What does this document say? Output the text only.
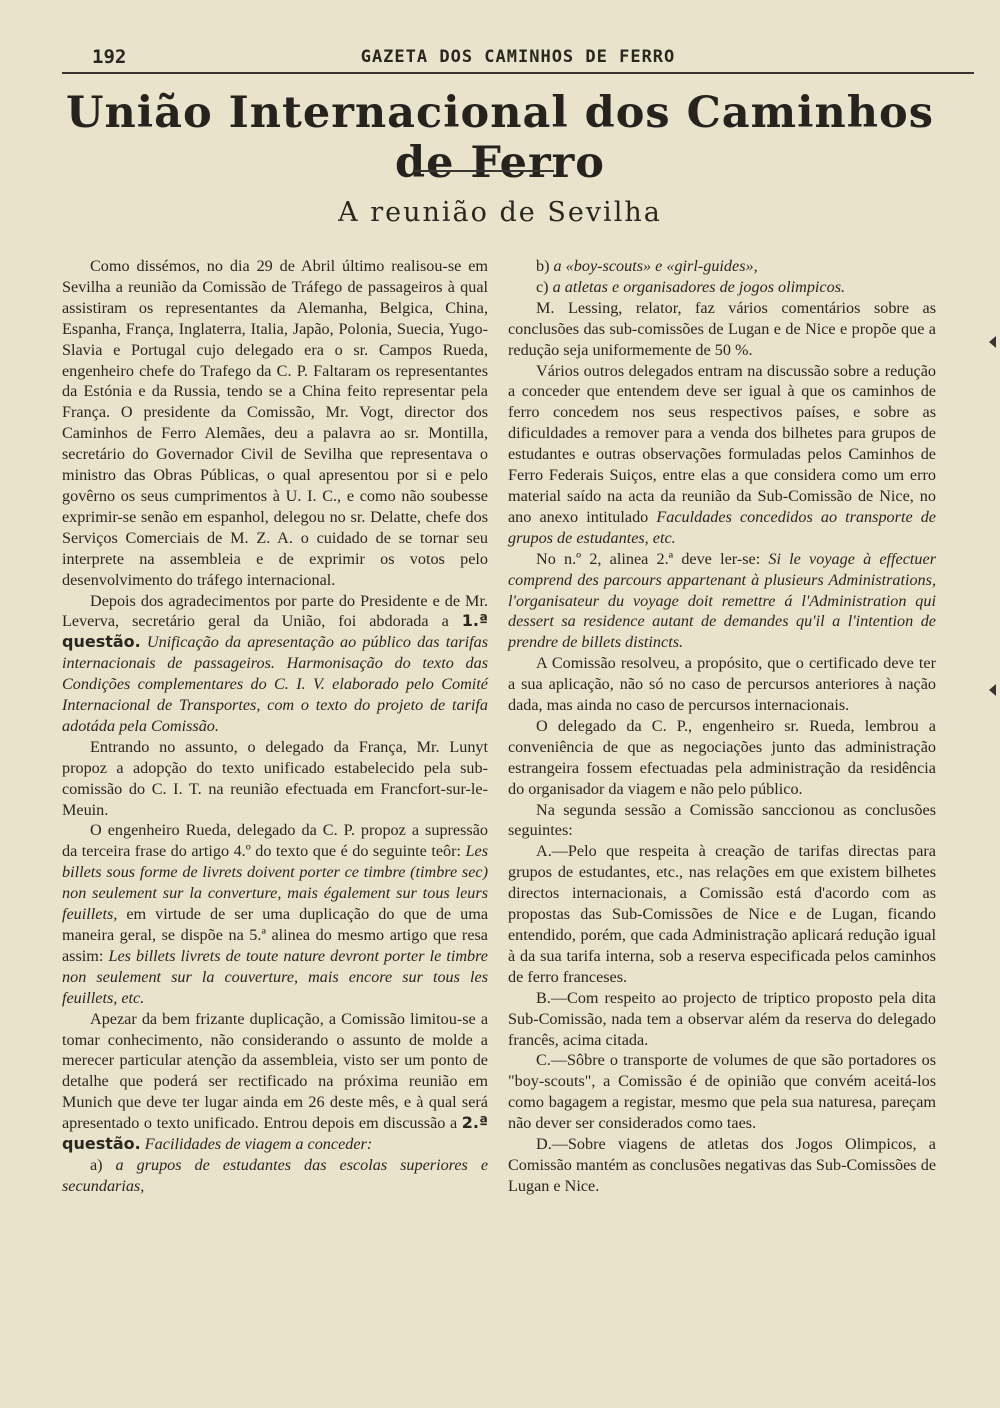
192	GAZETA DOS CAMINHOS DE FERRO
União Internacional dos Caminhos de Ferro
A reunião de Sevilha

Como dissémos, no dia 29 de Abril último realisou-se em Sevilha a reunião da Comissão de Tráfego de passageiros à qual assistiram os representantes da Alemanha, Belgica, China, Espanha, França, Inglaterra, Italia, Japão, Polonia, Suecia, Yugo-Slavia e Portugal cujo delegado era o sr. Campos Rueda, engenheiro chefe do Trafego da C. P. Faltaram os representantes da Estónia e da Russia, tendo se a China feito representar pela França. O presidente da Comissão, Mr. Vogt, director dos Caminhos de Ferro Alemães, deu a palavra ao sr. Montilla, secretário do Governador Civil de Sevilha que representava o ministro das Obras Públicas, o qual apresentou por si e pelo govêrno os seus cumprimentos à U. I. C., e como não soubesse exprimir-se senão em espanhol, delegou no sr. Delatte, chefe dos Serviços Comerciais de M. Z. A. o cuidado de se tornar seu interprete na assembleia e de exprimir os votos pelo desenvolvimento do tráfego internacional.

Depois dos agradecimentos por parte do Presidente e de Mr. Leverva, secretário geral da União, foi abdorada a 1.ª questão. Unificação da apresentação ao público das tarifas internacionais de passageiros. Harmonisação do texto das Condições complementares do C. I. V. elaborado pelo Comité Internacional de Transportes, com o texto do projeto de tarifa adotáda pela Comissão.

Entrando no assunto, o delegado da França, Mr. Lunyt propoz a adopção do texto unificado estabelecido pela sub-comissão do C. I. T. na reunião efectuada em Francfort-sur-le-Meuin.

O engenheiro Rueda, delegado da C. P. propoz a supressão da terceira frase do artigo 4.º do texto que é do seguinte teôr: Les billets sous forme de livrets doivent porter ce timbre (timbre sec) non seulement sur la converture, mais également sur tous leurs feuillets, em virtude de ser uma duplicação do que de uma maneira geral, se dispõe na 5.ª alinea do mesmo artigo que resa assim: Les billets livrets de toute nature devront porter le timbre non seulement sur la couverture, mais encore sur tous les feuillets, etc.

Apezar da bem frizante duplicação, a Comissão limitou-se a tomar conhecimento, não considerando o assunto de molde a merecer particular atenção da assembleia, visto ser um ponto de detalhe que poderá ser rectificado na próxima reunião em Munich que deve ter lugar ainda em 26 deste mês, e à qual será apresentado o texto unificado. Entrou depois em discussão a 2.ª questão. Facilidades de viagem a conceder:

a) a grupos de estudantes das escolas superiores e secundarias,

b) a «boy-scouts» e «girl-guides»,

c) a atletas e organisadores de jogos olimpicos.

M. Lessing, relator, faz vários comentários sobre as conclusões das sub-comissões de Lugan e de Nice e propõe que a redução seja uniformemente de 50 %.

Vários outros delegados entram na discussão sobre a redução a conceder que entendem deve ser igual à que os caminhos de ferro concedem nos seus respectivos países, e sobre as dificuldades a remover para a venda dos bilhetes para grupos de estudantes e outras observações formuladas pelos Caminhos de Ferro Federais Suiços, entre elas a que considera como um erro material saído na acta da reunião da Sub-Comissão de Nice, no ano anexo intitulado Faculdades concedidos ao transporte de grupos de estudantes, etc.

No n.º 2, alinea 2.ª deve ler-se: Si le voyage à effectuer comprend des parcours appartenant à plusieurs Administrations, l'organisateur du voyage doit remettre á l'Administration qui dessert sa residence autant de demandes qu'il a l'intention de prendre de billets distincts.

A Comissão resolveu, a propósito, que o certificado deve ter a sua aplicação, não só no caso de percursos anteriores à nação dada, mas ainda no caso de percursos internacionais.

O delegado da C. P., engenheiro sr. Rueda, lembrou a conveniência de que as negociações junto das administração estrangeira fossem efectuadas pela administração da residência do organisador da viagem e não pelo público.

Na segunda sessão a Comissão sanccionou as conclusões seguintes:

A.—Pelo que respeita à creação de tarifas directas para grupos de estudantes, etc., nas relações em que existem bilhetes directos internacionais, a Comissão está d'acordo com as propostas das Sub-Comissões de Nice e de Lugan, ficando entendido, porém, que cada Administração aplicará redução igual à da sua tarifa interna, sob a reserva especificada pelos caminhos de ferro franceses.

B.—Com respeito ao projecto de triptico proposto pela dita Sub-Comissão, nada tem a observar além da reserva do delegado francês, acima citada.

C.—Sôbre o transporte de volumes de que são portadores os "boy-scouts", a Comissão é de opinião que convém aceitá-los como bagagem a registar, mesmo que pela sua naturesa, pareçam não dever ser considerados como taes.

D.—Sobre viagens de atletas dos Jogos Olimpicos, a Comissão mantém as conclusões negativas das Sub-Comissões de Lugan e Nice.
